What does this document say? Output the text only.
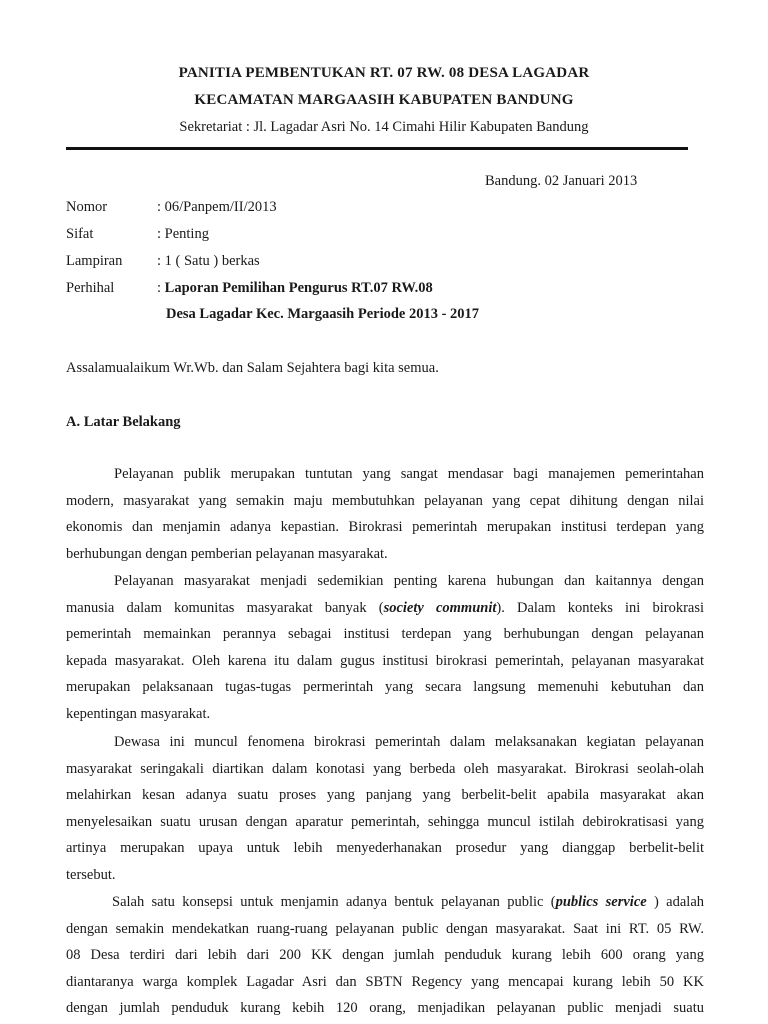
PANITIA PEMBENTUKAN RT. 07 RW. 08 DESA LAGADAR
KECAMATAN MARGAASIH KABUPATEN BANDUNG
Sekretariat : Jl. Lagadar Asri No. 14 Cimahi Hilir Kabupaten Bandung
Bandung. 02 Januari 2013
Nomor	: 06/Panpem/II/2013
Sifat	: Penting
Lampiran : 1 ( Satu ) berkas
Perhihal	: Laporan Pemilihan Pengurus RT.07 RW.08
Desa Lagadar Kec. Margaasih Periode 2013 - 2017
Assalamualaikum Wr.Wb. dan Salam Sejahtera bagi kita semua.
A. Latar Belakang
Pelayanan publik merupakan tuntutan yang sangat mendasar bagi manajemen pemerintahan
modern, masyarakat yang semakin maju membutuhkan pelayanan yang cepat dihitung dengan nilai
ekonomis dan menjamin adanya kepastian. Birokrasi pemerintah merupakan institusi terdepan yang
berhubungan dengan pemberian pelayanan masyarakat.
Pelayanan masyarakat menjadi sedemikian penting karena hubungan dan kaitannya dengan
manusia dalam komunitas masyarakat banyak (society communit). Dalam konteks ini birokrasi
pemerintah memainkan perannya sebagai institusi terdepan yang berhubungan dengan pelayanan
kepada masyarakat. Oleh karena itu dalam gugus institusi birokrasi pemerintah, pelayanan masyarakat
merupakan pelaksanaan tugas-tugas permerintah yang secara langsung memenuhi kebutuhan dan
kepentingan masyarakat.
Dewasa ini muncul fenomena birokrasi pemerintah dalam melaksanakan kegiatan pelayanan
masyarakat seringakali diartikan dalam konotasi yang berbeda oleh masyarakat. Birokrasi seolah-olah
melahirkan kesan adanya suatu proses yang panjang yang berbelit-belit apabila masyarakat akan
menyelesaikan suatu urusan dengan aparatur pemerintah, sehingga muncul istilah debirokratisasi yang
artinya merupakan upaya untuk lebih menyederhanakan prosedur yang dianggap berbelit-belit
tersebut.
Salah satu konsepsi untuk menjamin adanya bentuk pelayanan public (publics service ) adalah
dengan semakin mendekatkan ruang-ruang pelayanan public dengan masyarakat. Saat ini RT. 05 RW.
08 Desa terdiri dari lebih dari 200 KK dengan jumlah penduduk kurang lebih 600 orang yang
diantaranya warga komplek Lagadar Asri dan SBTN Regency yang mencapai kurang lebih 50 KK
dengan jumlah penduduk kurang kebih 120 orang, menjadikan pelayanan public menjadi suatu
